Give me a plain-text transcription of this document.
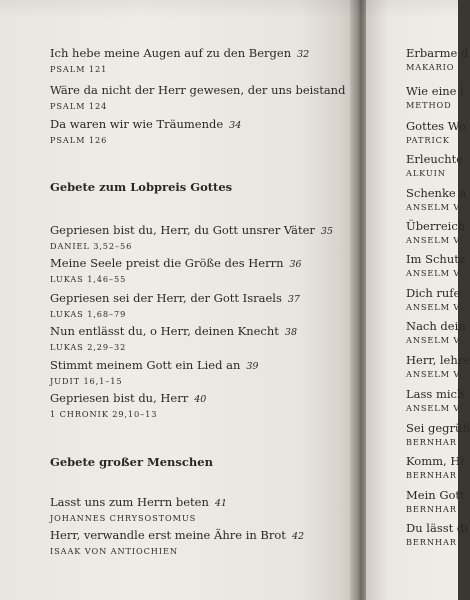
Ich hebe meine Augen auf zu den Bergen 32
PSALM 121
Wäre da nicht der Herr gewesen, der uns beistand
PSALM 124
Da waren wir wie Träumende 34
PSALM 126
Gebete zum Lobpreis Gottes
Gepriesen bist du, Herr, du Gott unsrer Väter 35
DANIEL 3,52–56
Meine Seele preist die Größe des Herrn 36
LUKAS 1,46–55
Gepriesen sei der Herr, der Gott Israels 37
LUKAS 1,68–79
Nun entlässt du, o Herr, deinen Knecht 38
LUKAS 2,29–32
Stimmt meinem Gott ein Lied an 39
JUDIT 16,1–15
Gepriesen bist du, Herr 40
1 CHRONIK 29,10–13
Gebete großer Menschen
Lasst uns zum Herrn beten 41
JOHANNES CHRYSOSTOMUS
Herr, verwandle erst meine Ähre in Brot 42
ISAAK VON ANTIOCHIEN
Erbarme d
MAKARIO
Wie eine l
METHOD
Gottes Wo
PATRICK
Erleuchte
ALKUIN
Schenke a
ANSELM V
Überreich
ANSELM V
Im Schutz
ANSELM V
Dich rufe
ANSELM V
Nach dein
ANSELM V
Herr, lehre
ANSELM V
Lass mich
ANSELM V
Sei gegrüß
BERNHAR
Komm, Hl
BERNHAR
Mein Gott
BERNHAR
Du lässt di
BERNHAR
